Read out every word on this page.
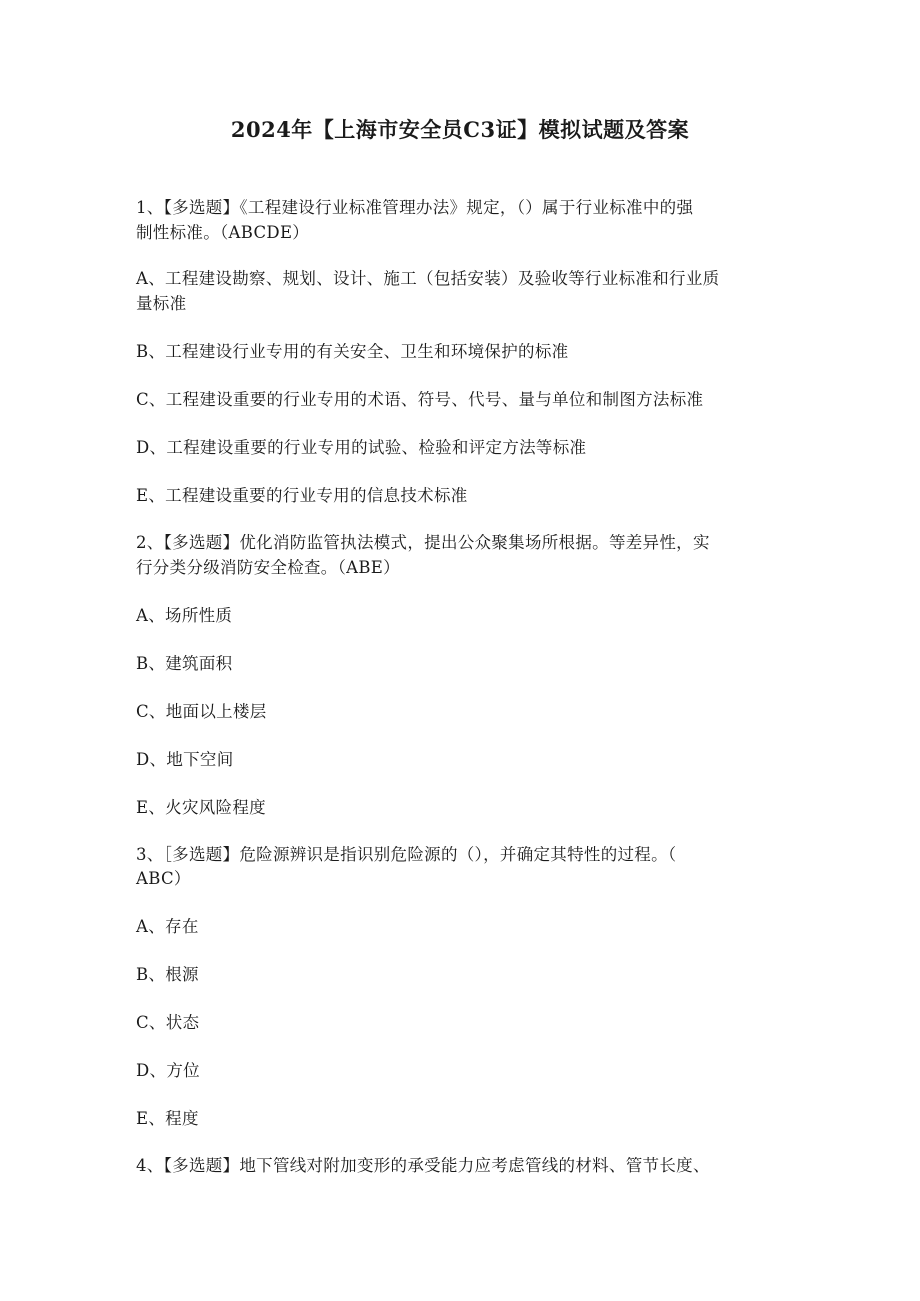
2024年【上海市安全员C3证】模拟试题及答案
1、【多选题】《工程建设行业标准管理办法》规定，（）属于行业标准中的强
制性标准。（ABCDE）
A、工程建设勘察、规划、设计、施工（包括安装）及验收等行业标准和行业质
量标准
B、工程建设行业专用的有关安全、卫生和环境保护的标准
C、工程建设重要的行业专用的术语、符号、代号、量与单位和制图方法标准
D、工程建设重要的行业专用的试验、检验和评定方法等标准
E、工程建设重要的行业专用的信息技术标准
2、【多选题】优化消防监管执法模式，提出公众聚集场所根据。等差异性，实
行分类分级消防安全检查。（ABE）
A、场所性质
B、建筑面积
C、地面以上楼层
D、地下空间
E、火灾风险程度
3、［多选题】危险源辨识是指识别危险源的（），并确定其特性的过程。（
ABC）
A、存在
B、根源
C、状态
D、方位
E、程度
4、【多选题】地下管线对附加变形的承受能力应考虑管线的材料、管节长度、
